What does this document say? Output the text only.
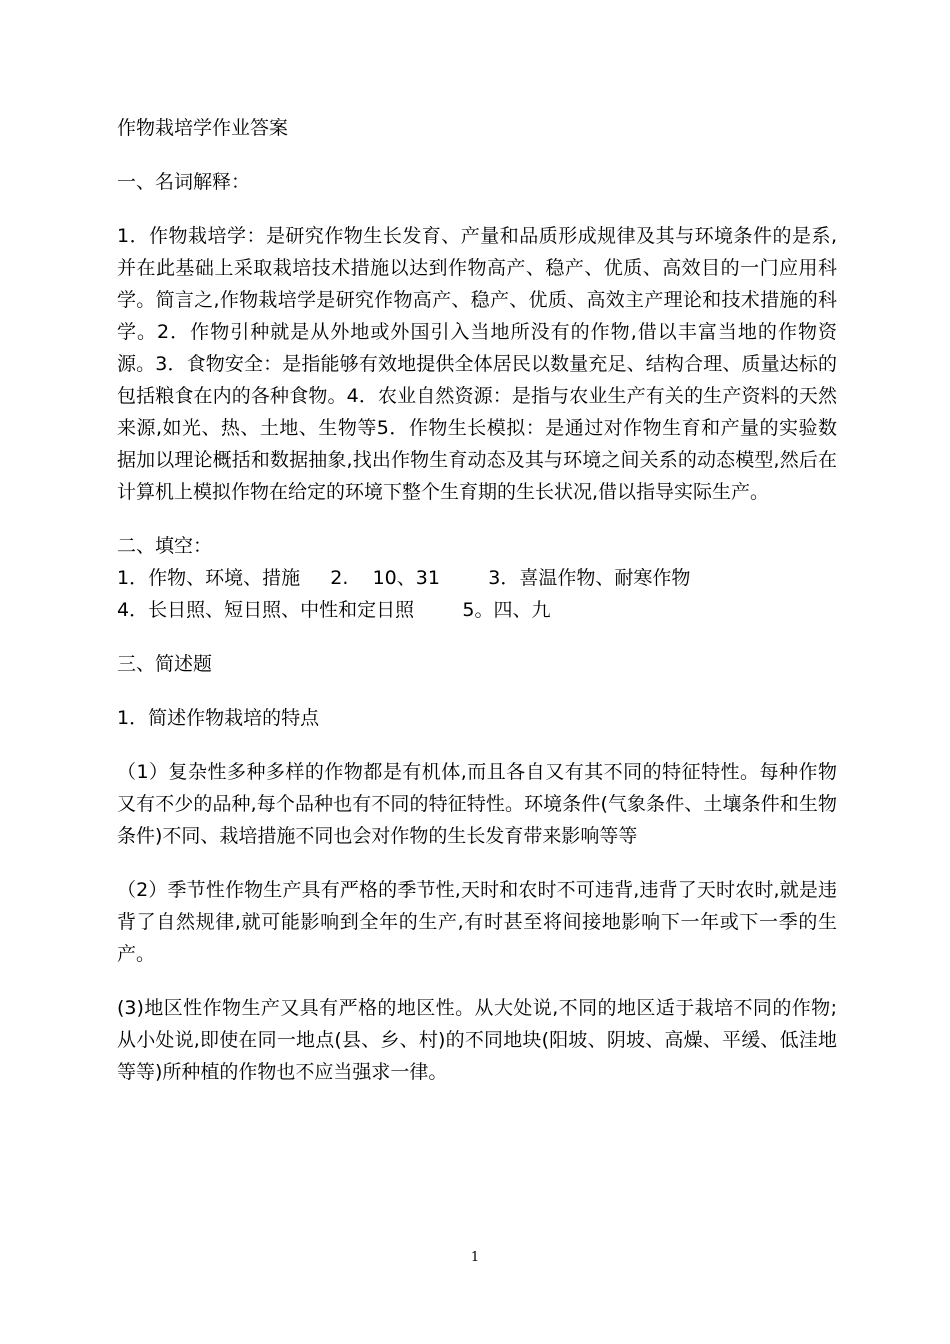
作物栽培学作业答案

一、名词解释：

1．作物栽培学：是研究作物生长发育、产量和品质形成规律及其与环境条件的是系,并在此基础上采取栽培技术措施以达到作物高产、稳产、优质、高效目的一门应用科学。简言之,作物栽培学是研究作物高产、稳产、优质、高效主产理论和技术措施的科学。2．作物引种就是从外地或外国引入当地所没有的作物,借以丰富当地的作物资源。3．食物安全：是指能够有效地提供全体居民以数量充足、结构合理、质量达标的包括粮食在内的各种食物。4．农业自然资源：是指与农业生产有关的生产资料的天然来源,如光、热、土地、生物等5．作物生长模拟：是通过对作物生育和产量的实验数据加以理论概括和数据抽象,找出作物生育动态及其与环境之间关系的动态模型,然后在计算机上模拟作物在给定的环境下整个生育期的生长状况,借以指导实际生产。

二、填空：

1．作物、环境、措施     2.    10、31        3．喜温作物、耐寒作物

4．长日照、短日照、中性和定日照        5。四、九

三、简述题

1．简述作物栽培的特点

（1）复杂性多种多样的作物都是有机体,而且各自又有其不同的特征特性。每种作物又有不少的品种,每个品种也有不同的特征特性。环境条件(气象条件、土壤条件和生物条件)不同、栽培措施不同也会对作物的生长发育带来影响等等

（2）季节性作物生产具有严格的季节性,天时和农时不可违背,违背了天时农时,就是违背了自然规律,就可能影响到全年的生产,有时甚至将间接地影响下一年或下一季的生产。

(3)地区性作物生产又具有严格的地区性。从大处说,不同的地区适于栽培不同的作物;从小处说,即使在同一地点(县、乡、村)的不同地块(阳坡、阴坡、高燥、平缓、低洼地等等)所种植的作物也不应当强求一律。

1
